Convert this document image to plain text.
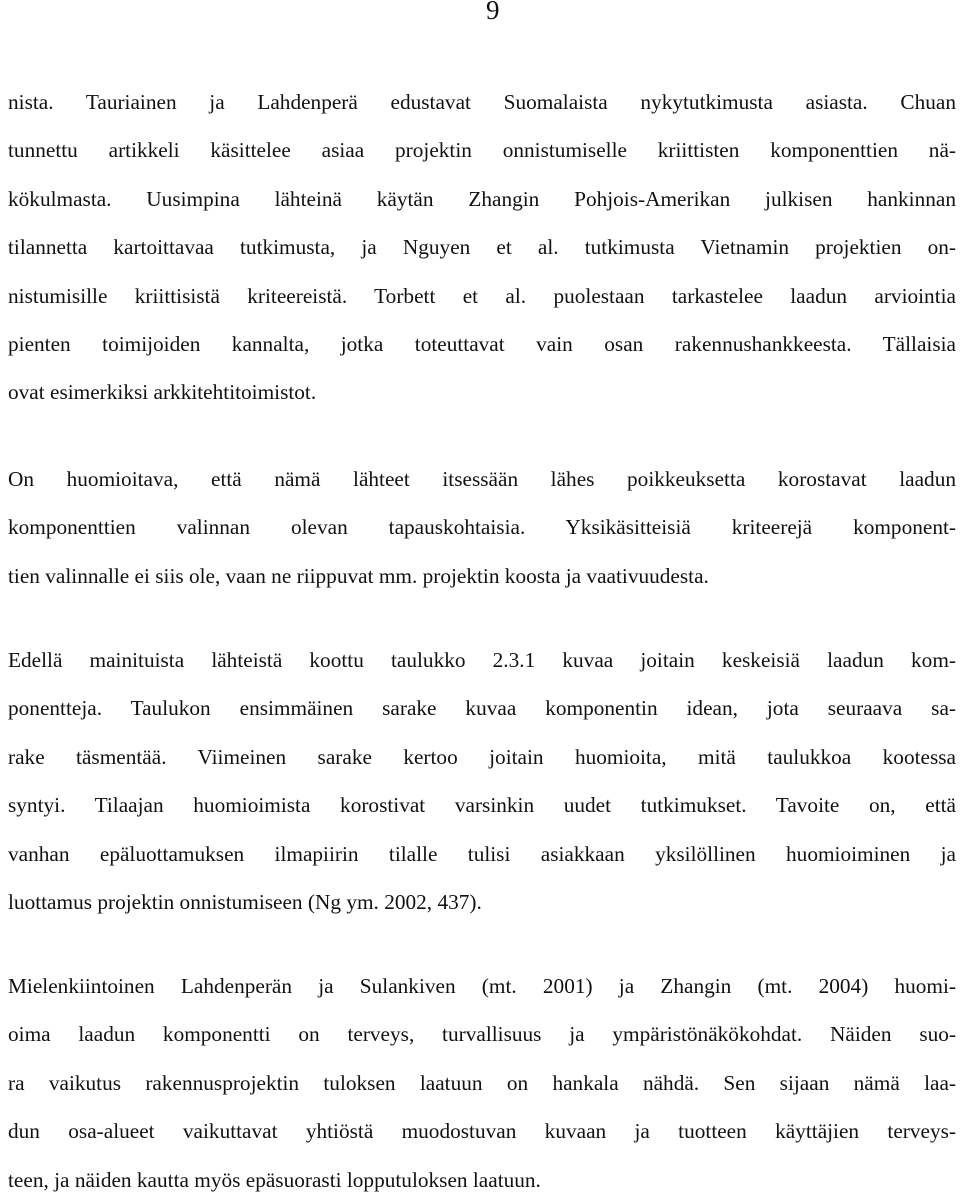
9
nista. Tauriainen ja Lahdenperä edustavat Suomalaista nykytutkimusta asiasta. Chuan
tunnettu artikkeli käsittelee asiaa projektin onnistumiselle kriittisten komponenttien nä-
kökulmasta. Uusimpina lähteinä käytän Zhangin Pohjois-Amerikan julkisen hankinnan
tilannetta kartoittavaa tutkimusta, ja Nguyen et al. tutkimusta Vietnamin projektien on-
nistumisille kriittisistä kriteereistä. Torbett et al. puolestaan tarkastelee laadun arviointia
pienten toimijoiden kannalta, jotka toteuttavat vain osan rakennushankkeesta. Tällaisia
ovat esimerkiksi arkkitehtitoimistot.
On huomioitava, että nämä lähteet itsessään lähes poikkeuksetta korostavat laadun
komponenttien valinnan olevan tapauskohtaisia. Yksikäsitteisiä kriteerejä komponent-
tien valinnalle ei siis ole, vaan ne riippuvat mm. projektin koosta ja vaativuudesta.
Edellä mainituista lähteistä koottu taulukko 2.3.1 kuvaa joitain keskeisiä laadun kom-
ponentteja. Taulukon ensimmäinen sarake kuvaa komponentin idean, jota seuraava sa-
rake täsmentää. Viimeinen sarake kertoo joitain huomioita, mitä taulukkoa kootessa
syntyi. Tilaajan huomioimista korostivat varsinkin uudet tutkimukset. Tavoite on, että
vanhan epäluottamuksen ilmapiirin tilalle tulisi asiakkaan yksilöllinen huomioiminen ja
luottamus projektin onnistumiseen (Ng ym. 2002, 437).
Mielenkiintoinen Lahdenperän ja Sulankiven (mt. 2001) ja Zhangin (mt. 2004) huomi-
oima laadun komponentti on terveys, turvallisuus ja ympäristönäkökohdat. Näiden suo-
ra vaikutus rakennusprojektin tuloksen laatuun on hankala nähdä. Sen sijaan nämä laa-
dun osa-alueet vaikuttavat yhtiöstä muodostuvan kuvaan ja tuotteen käyttäjien terveys-
teen, ja näiden kautta myös epäsuorasti lopputuloksen laatuun.
